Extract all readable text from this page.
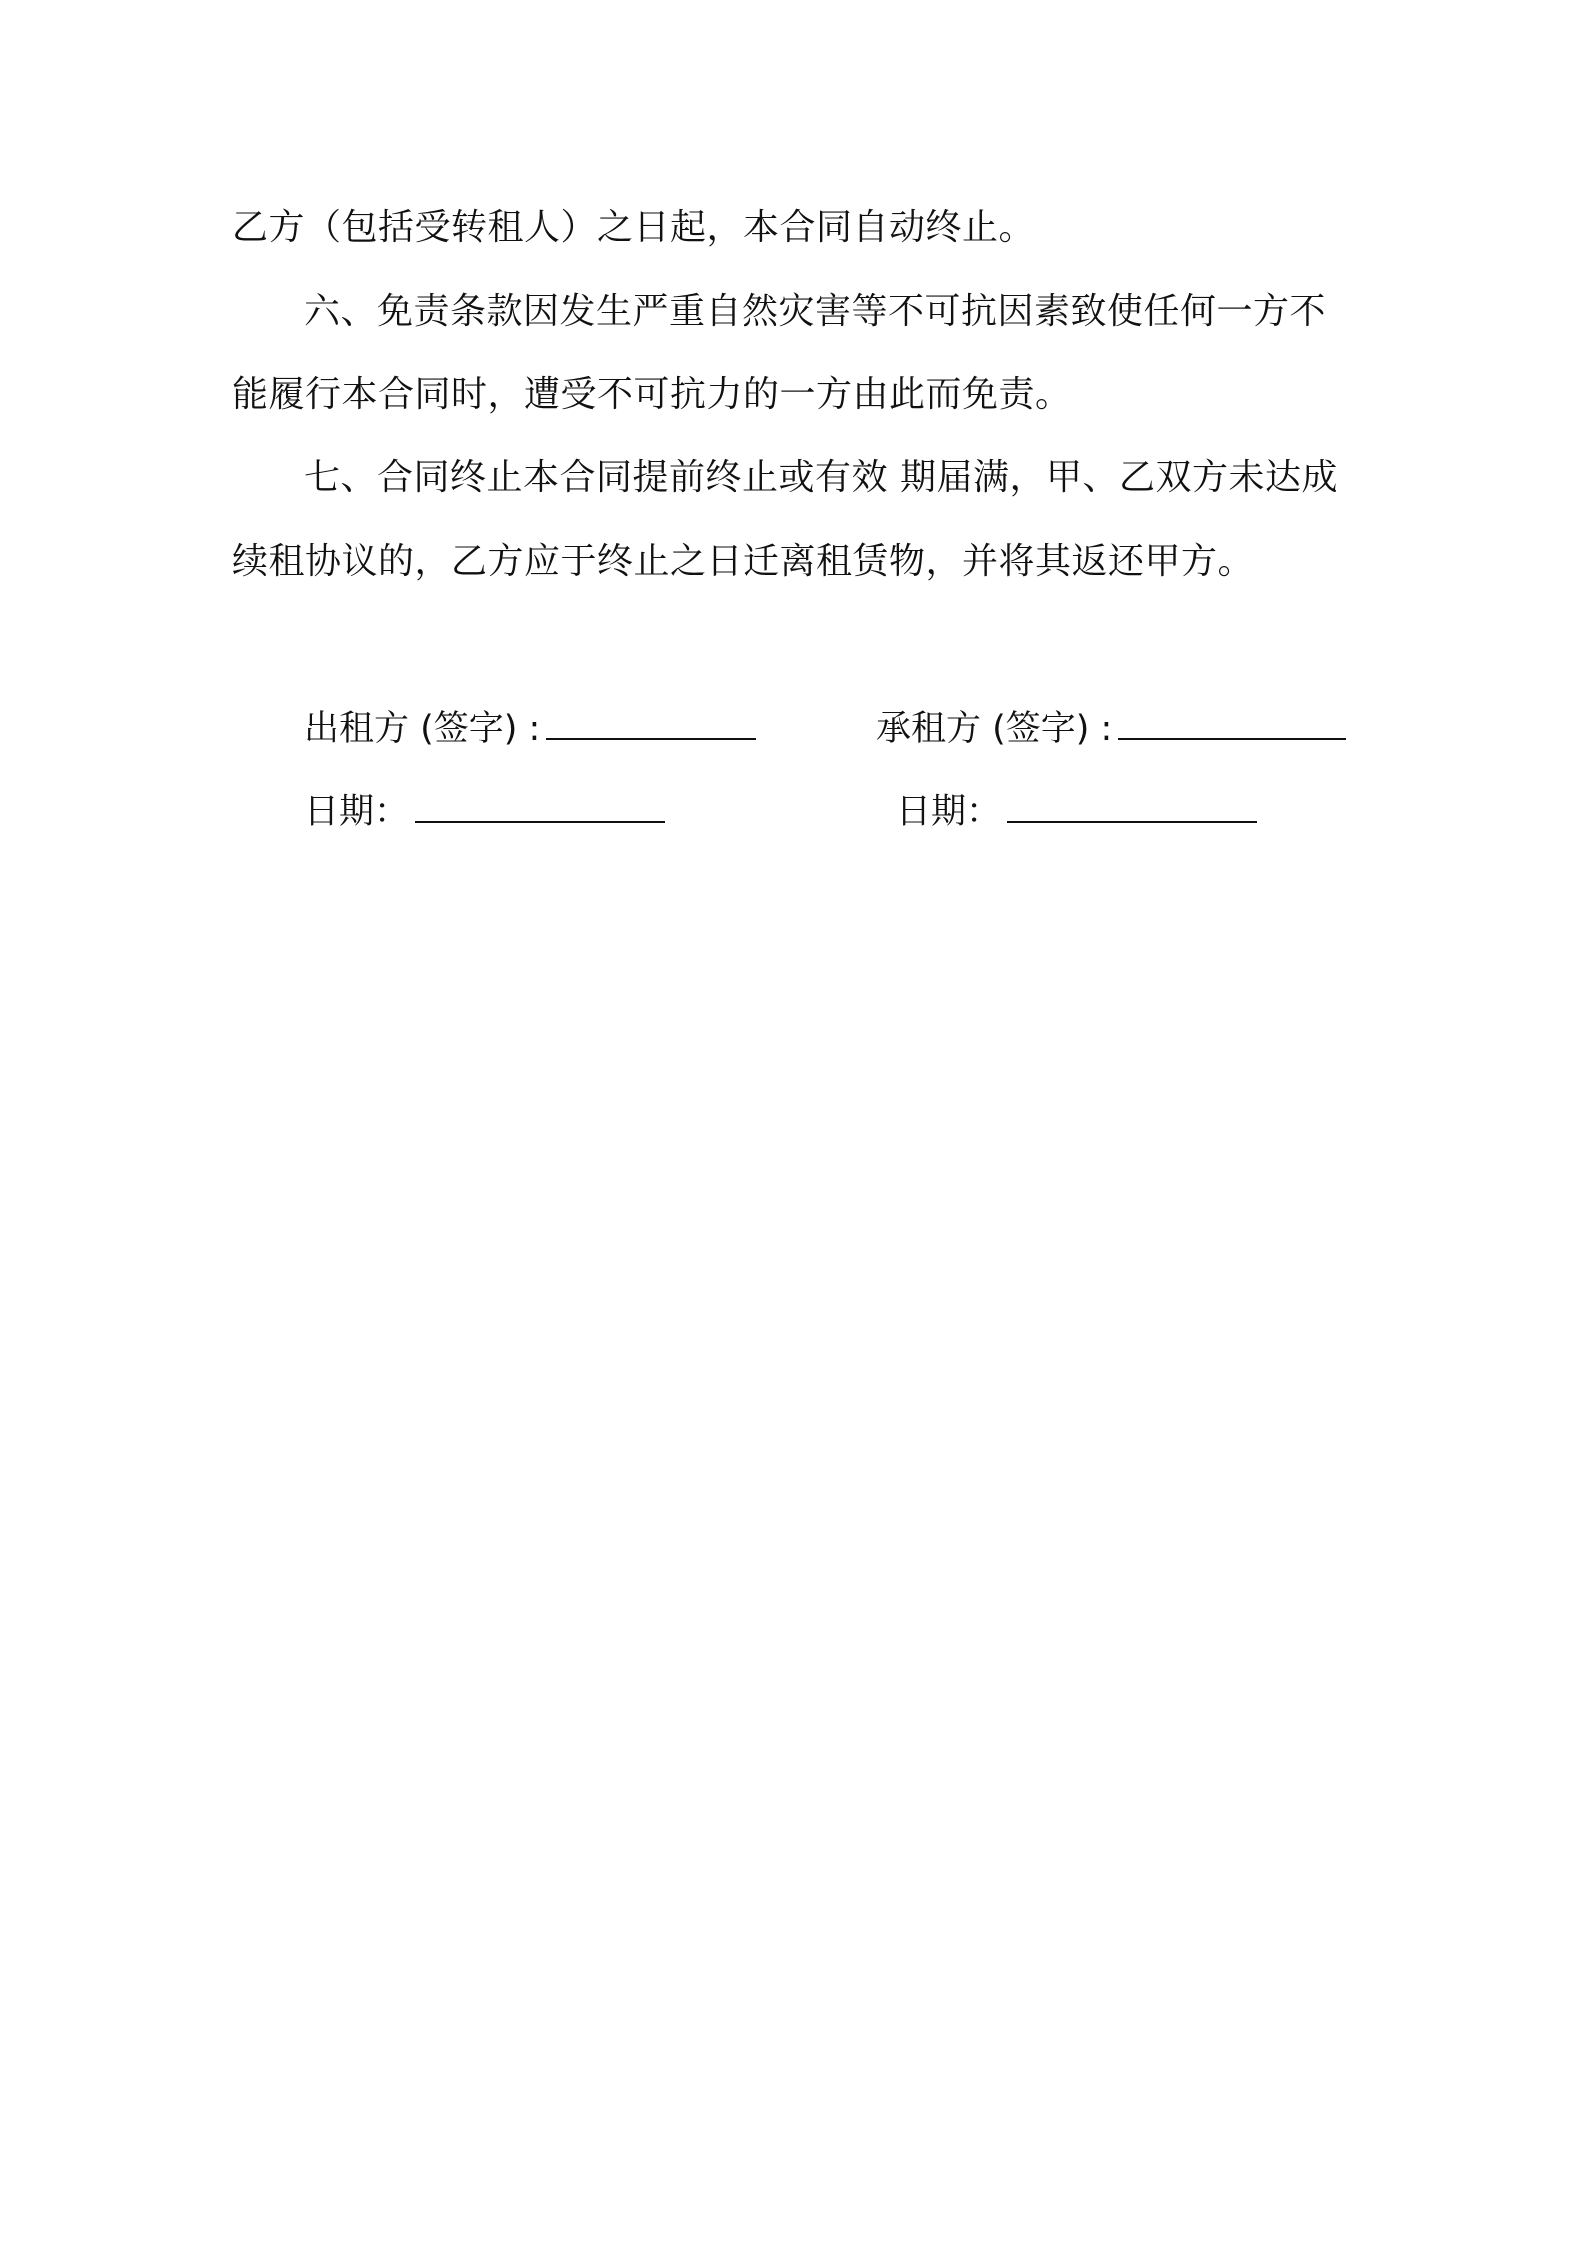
乙方（包括受转租人）之日起，本合同自动终止。
六、免责条款因发生严重自然灾害等不可抗因素致使任何一方不
能履行本合同时，遭受不可抗力的一方由此而免责。
七、合同终止本合同提前终止或有效 期届满，甲、乙双方未达成
续租协议的，乙方应于终止之日迁离租赁物，并将其返还甲方。
出租方 (签字) :	承租方 (签字) :
日期：	日期：
